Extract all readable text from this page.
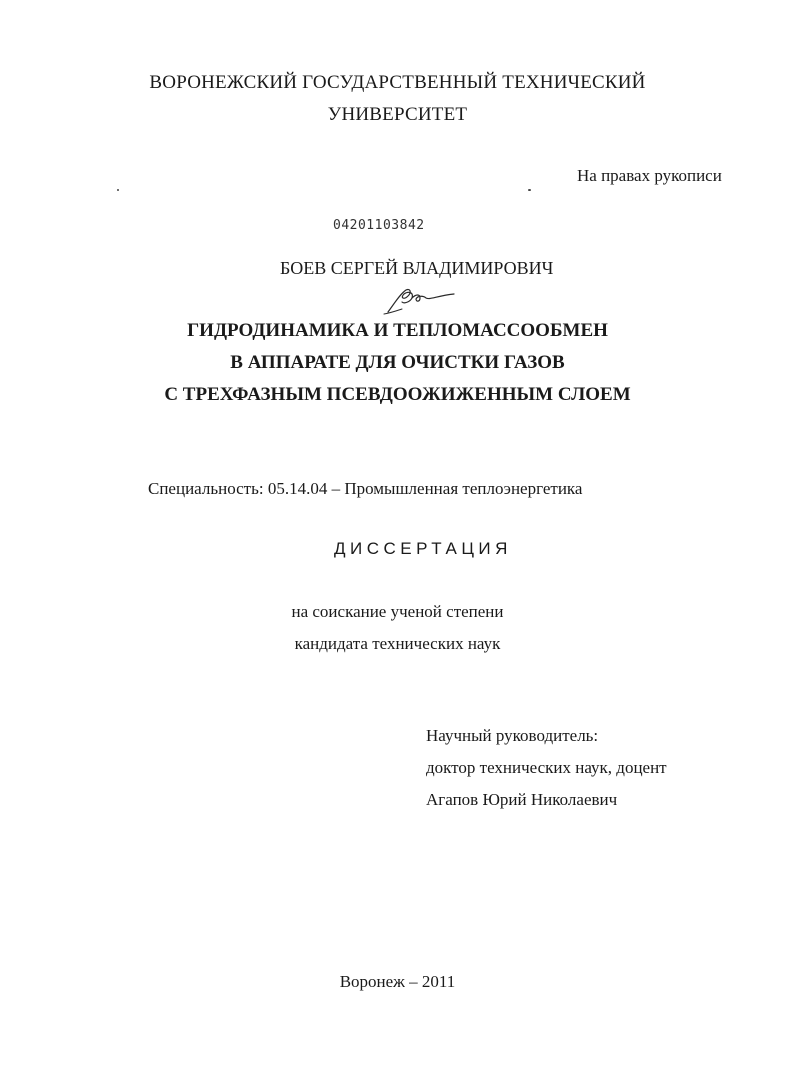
ВОРОНЕЖСКИЙ ГОСУДАРСТВЕННЫЙ ТЕХНИЧЕСКИЙ
УНИВЕРСИТЕТ
На правах рукописи
04201103842
БОЕВ СЕРГЕЙ ВЛАДИМИРОВИЧ
ГИДРОДИНАМИКА И ТЕПЛОМАССООБМЕН
В АППАРАТЕ ДЛЯ ОЧИСТКИ ГАЗОВ
С ТРЕХФАЗНЫМ ПСЕВДООЖИЖЕННЫМ СЛОЕМ
Специальность: 05.14.04 – Промышленная теплоэнергетика
ДИССЕРТАЦИЯ
на соискание ученой степени
кандидата технических наук
Научный руководитель:
доктор технических наук, доцент
Агапов Юрий Николаевич
Воронеж – 2011
